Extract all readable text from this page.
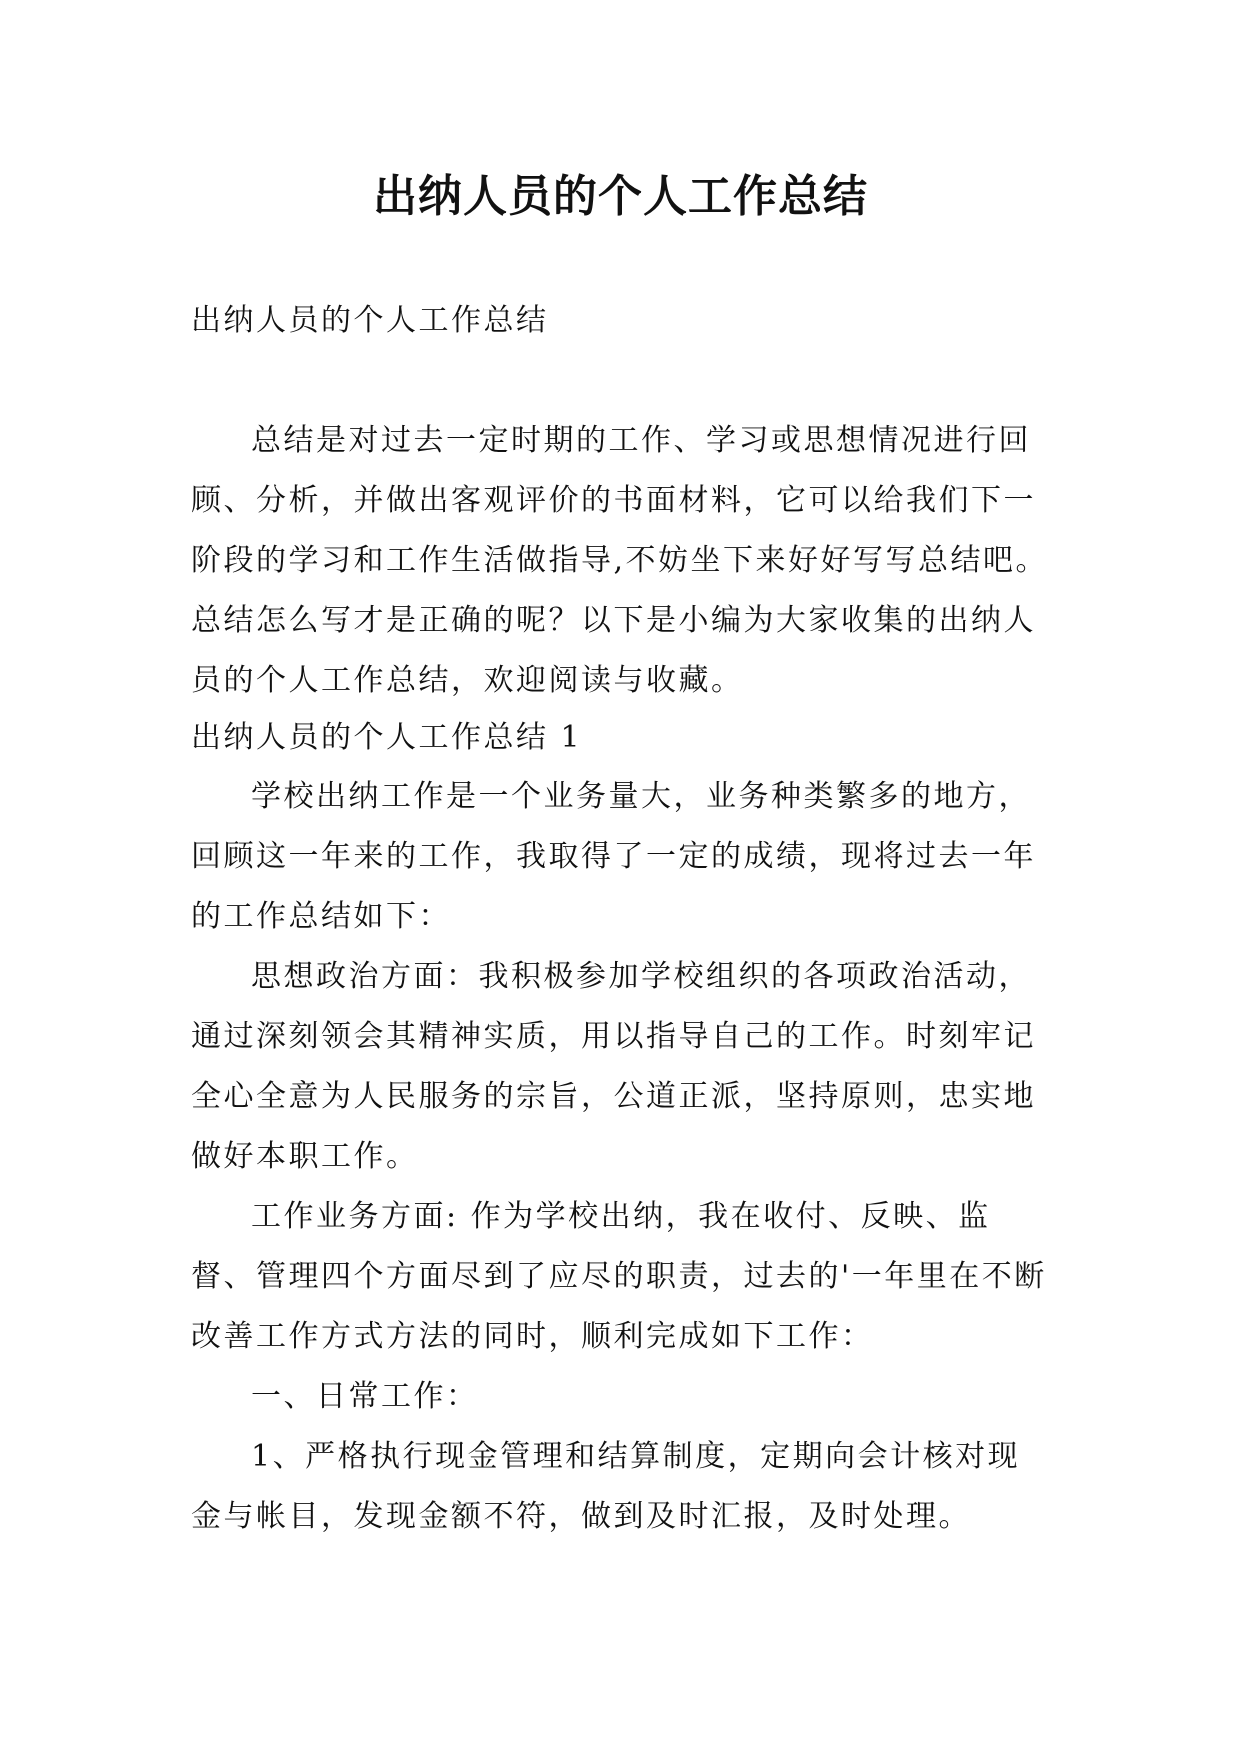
出纳人员的个人工作总结
出纳人员的个人工作总结

总结是对过去一定时期的工作、学习或思想情况进行回顾、分析，并做出客观评价的书面材料，它可以给我们下一阶段的学习和工作生活做指导,不妨坐下来好好写写总结吧。总结怎么写才是正确的呢？以下是小编为大家收集的出纳人员的个人工作总结，欢迎阅读与收藏。

出纳人员的个人工作总结 1

学校出纳工作是一个业务量大，业务种类繁多的地方，回顾这一年来的工作，我取得了一定的成绩，现将过去一年的工作总结如下：

思想政治方面：我积极参加学校组织的各项政治活动，通过深刻领会其精神实质，用以指导自己的工作。时刻牢记全心全意为人民服务的宗旨，公道正派，坚持原则，忠实地做好本职工作。

工作业务方面: 作为学校出纳，我在收付、反映、监督、管理四个方面尽到了应尽的职责，过去的'一年里在不断改善工作方式方法的同时，顺利完成如下工作：

一、日常工作：

1、严格执行现金管理和结算制度，定期向会计核对现金与帐目，发现金额不符，做到及时汇报，及时处理。
